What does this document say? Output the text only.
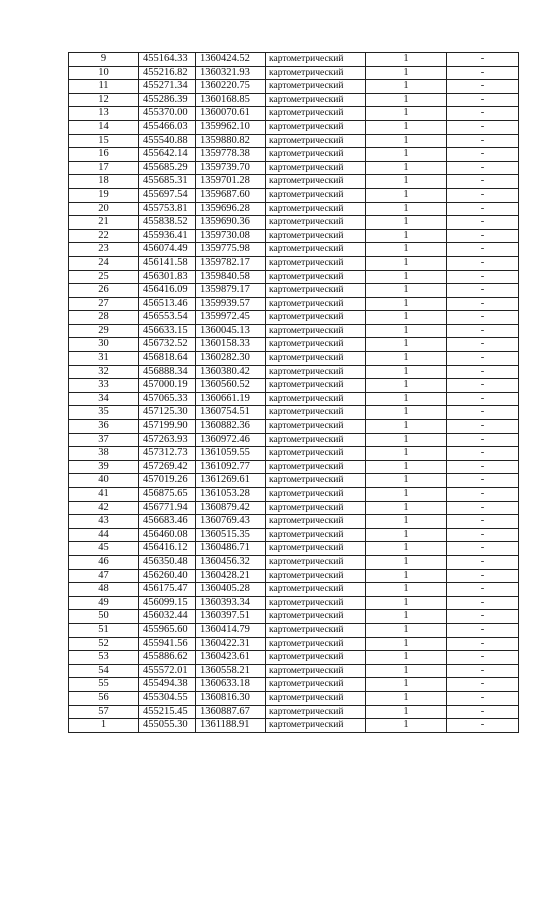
9	455164.33	1360424.52	картометрический	1	-
10	455216.82	1360321.93	картометрический	1	-
11	455271.34	1360220.75	картометрический	1	-
12	455286.39	1360168.85	картометрический	1	-
13	455370.00	1360070.61	картометрический	1	-
14	455466.03	1359962.10	картометрический	1	-
15	455540.88	1359880.82	картометрический	1	-
16	455642.14	1359778.38	картометрический	1	-
17	455685.29	1359739.70	картометрический	1	-
18	455685.31	1359701.28	картометрический	1	-
19	455697.54	1359687.60	картометрический	1	-
20	455753.81	1359696.28	картометрический	1	-
21	455838.52	1359690.36	картометрический	1	-
22	455936.41	1359730.08	картометрический	1	-
23	456074.49	1359775.98	картометрический	1	-
24	456141.58	1359782.17	картометрический	1	-
25	456301.83	1359840.58	картометрический	1	-
26	456416.09	1359879.17	картометрический	1	-
27	456513.46	1359939.57	картометрический	1	-
28	456553.54	1359972.45	картометрический	1	-
29	456633.15	1360045.13	картометрический	1	-
30	456732.52	1360158.33	картометрический	1	-
31	456818.64	1360282.30	картометрический	1	-
32	456888.34	1360380.42	картометрический	1	-
33	457000.19	1360560.52	картометрический	1	-
34	457065.33	1360661.19	картометрический	1	-
35	457125.30	1360754.51	картометрический	1	-
36	457199.90	1360882.36	картометрический	1	-
37	457263.93	1360972.46	картометрический	1	-
38	457312.73	1361059.55	картометрический	1	-
39	457269.42	1361092.77	картометрический	1	-
40	457019.26	1361269.61	картометрический	1	-
41	456875.65	1361053.28	картометрический	1	-
42	456771.94	1360879.42	картометрический	1	-
43	456683.46	1360769.43	картометрический	1	-
44	456460.08	1360515.35	картометрический	1	-
45	456416.12	1360486.71	картометрический	1	-
46	456350.48	1360456.32	картометрический	1	-
47	456260.40	1360428.21	картометрический	1	-
48	456175.47	1360405.28	картометрический	1	-
49	456099.15	1360393.34	картометрический	1	-
50	456032.44	1360397.51	картометрический	1	-
51	455965.60	1360414.79	картометрический	1	-
52	455941.56	1360422.31	картометрический	1	-
53	455886.62	1360423.61	картометрический	1	-
54	455572.01	1360558.21	картометрический	1	-
55	455494.38	1360633.18	картометрический	1	-
56	455304.55	1360816.30	картометрический	1	-
57	455215.45	1360887.67	картометрический	1	-
1	455055.30	1361188.91	картометрический	1	-
